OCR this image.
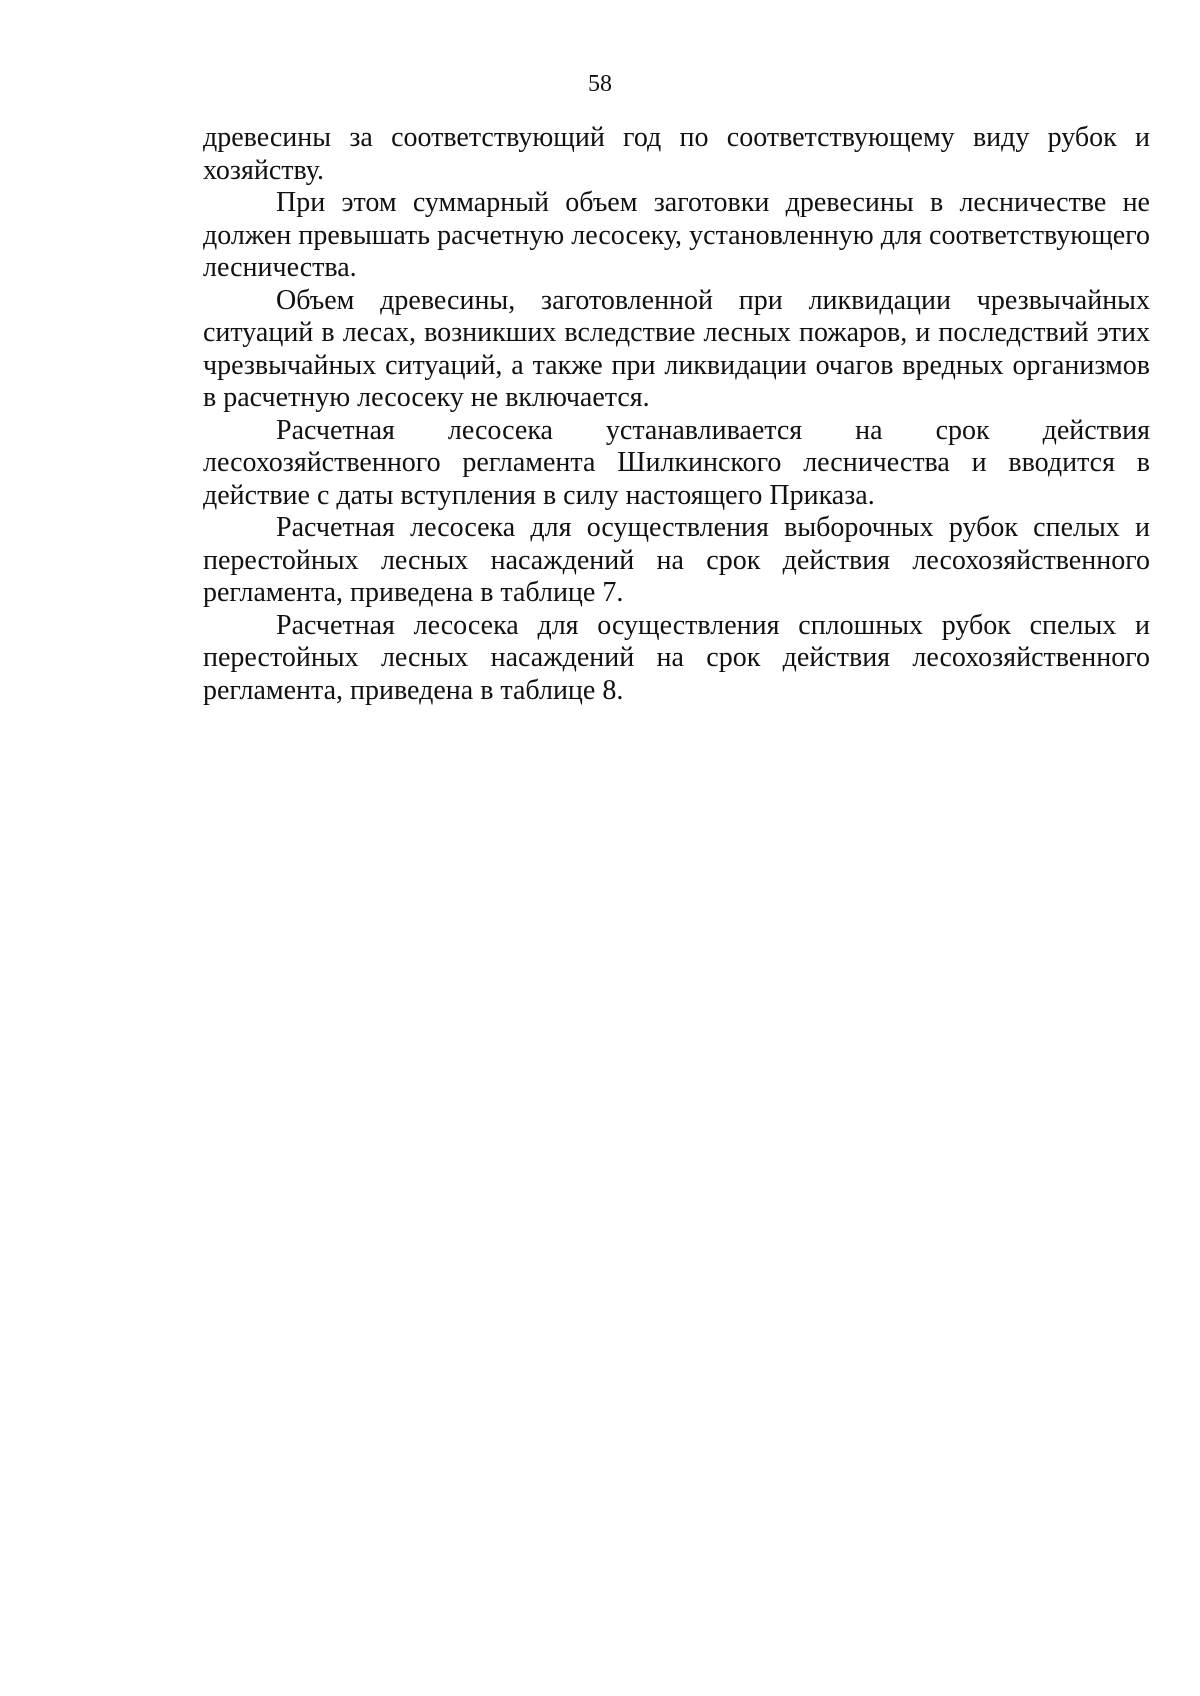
58

древесины за соответствующий год по соответствующему виду рубок и хозяйству.

При этом суммарный объем заготовки древесины в лесничестве не должен превышать расчетную лесосеку, установленную для соответствующего лесничества.

Объем древесины, заготовленной при ликвидации чрезвычайных ситуаций в лесах, возникших вследствие лесных пожаров, и последствий этих чрезвычайных ситуаций, а также при ликвидации очагов вредных организмов в расчетную лесосеку не включается.

Расчетная лесосека устанавливается на срок действия лесохозяйственного регламента Шилкинского лесничества и вводится в действие с даты вступления в силу настоящего Приказа.

Расчетная лесосека для осуществления выборочных рубок спелых и перестойных лесных насаждений на срок действия лесохозяйственного регламента, приведена в таблице 7.

Расчетная лесосека для осуществления сплошных рубок спелых и перестойных лесных насаждений на срок действия лесохозяйственного регламента, приведена в таблице 8.
